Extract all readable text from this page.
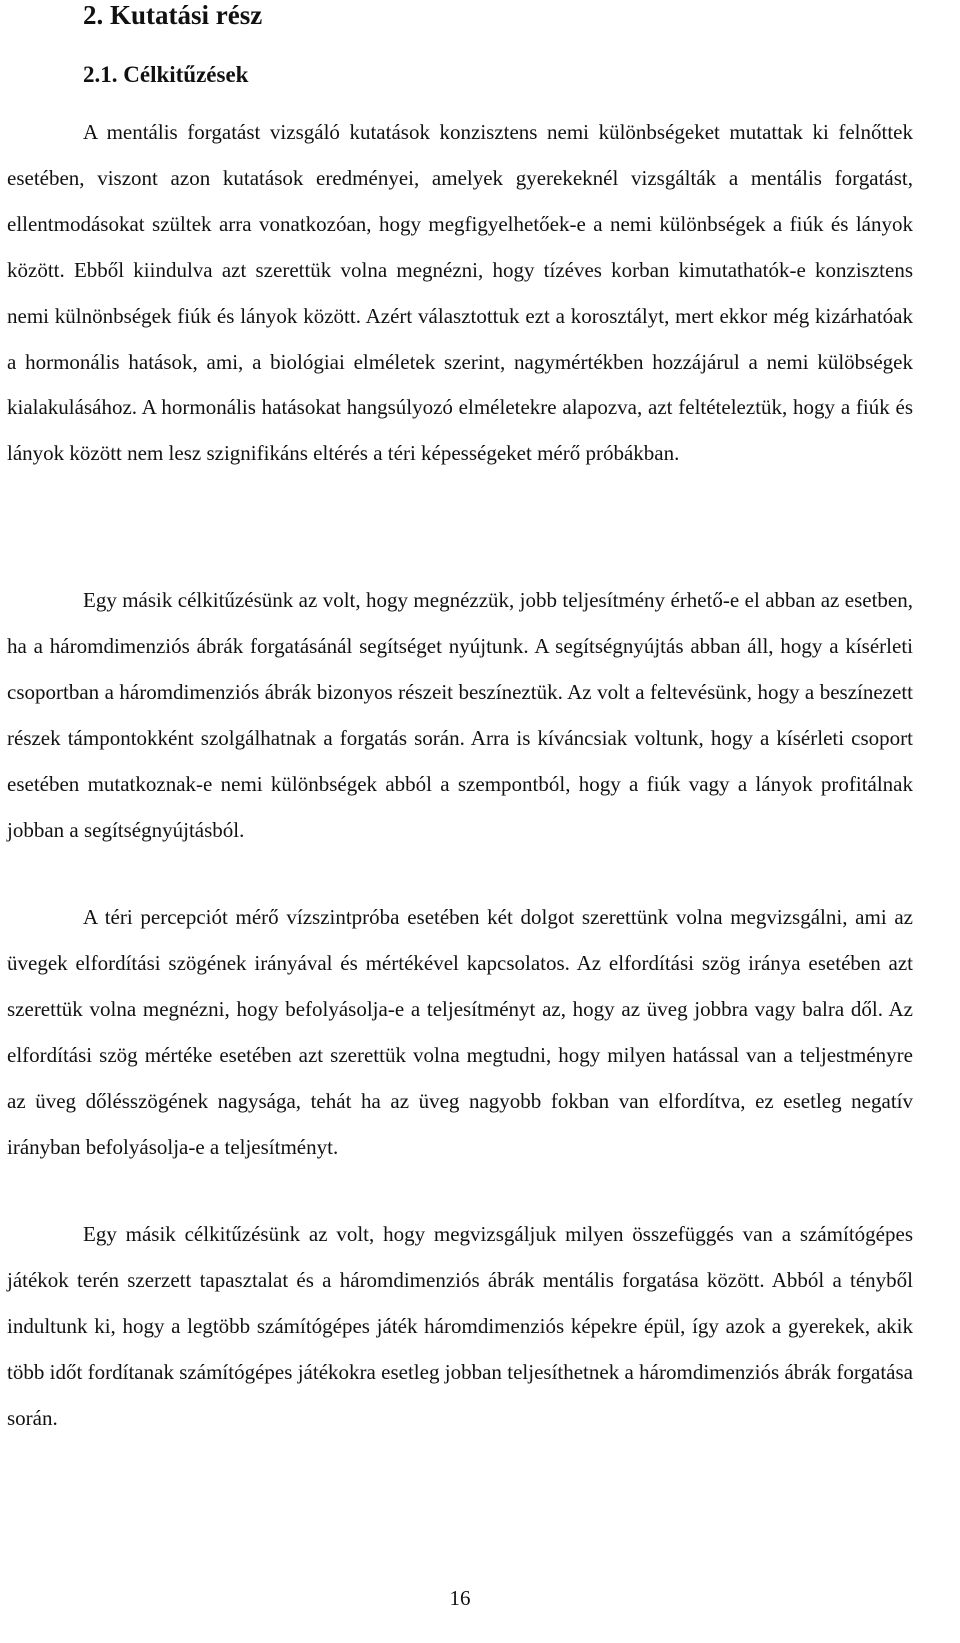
2. Kutatási rész
2.1. Célkitűzések

A mentális forgatást vizsgáló kutatások konzisztens nemi különbségeket mutattak ki felnőttek esetében, viszont azon kutatások eredményei, amelyek gyerekeknél vizsgálták a mentális forgatást, ellentmodásokat szültek arra vonatkozóan, hogy megfigyelhetőek-e a nemi különbségek a fiúk és lányok között. Ebből kiindulva azt szerettük volna megnézni, hogy tízéves korban kimutathatók-e konzisztens nemi külnönbségek fiúk és lányok között. Azért választottuk ezt a korosztályt, mert ekkor még kizárhatóak a hormonális hatások, ami, a biológiai elméletek szerint, nagymértékben hozzájárul a nemi külöbségek kialakulásához. A hormonális hatásokat hangsúlyozó elméletekre alapozva, azt feltételeztük, hogy a fiúk és lányok között nem lesz szignifikáns eltérés a téri képességeket mérő próbákban.

Egy másik célkitűzésünk az volt, hogy megnézzük, jobb teljesítmény érhető-e el abban az esetben, ha a háromdimenziós ábrák forgatásánál segítséget nyújtunk. A segítségnyújtás abban áll, hogy a kísérleti csoportban a háromdimenziós ábrák bizonyos részeit beszíneztük. Az volt a feltevésünk, hogy a beszínezett részek támpontokként szolgálhatnak a forgatás során. Arra is kíváncsiak voltunk, hogy a kísérleti csoport esetében mutatkoznak-e nemi különbségek abból a szempontból, hogy a fiúk vagy a lányok profitálnak jobban a segítségnyújtásból.

A téri percepciót mérő vízszintpróba esetében két dolgot szerettünk volna megvizsgálni, ami az üvegek elfordítási szögének irányával és mértékével kapcsolatos. Az elfordítási szög iránya esetében azt szerettük volna megnézni, hogy befolyásolja-e a teljesítményt az, hogy az üveg jobbra vagy balra dől. Az elfordítási szög mértéke esetében azt szerettük volna megtudni, hogy milyen hatással van a teljestményre az üveg dőlésszögének nagysága, tehát ha az üveg nagyobb fokban van elfordítva, ez esetleg negatív irányban befolyásolja-e a teljesítményt.

Egy másik célkitűzésünk az volt, hogy megvizsgáljuk milyen összefüggés van a számítógépes játékok terén szerzett tapasztalat és a háromdimenziós ábrák mentális forgatása között. Abból a tényből indultunk ki, hogy a legtöbb számítógépes játék háromdimenziós képekre épül, így azok a gyerekek, akik több időt fordítanak számítógépes játékokra esetleg jobban teljesíthetnek a háromdimenziós ábrák forgatása során.

16
